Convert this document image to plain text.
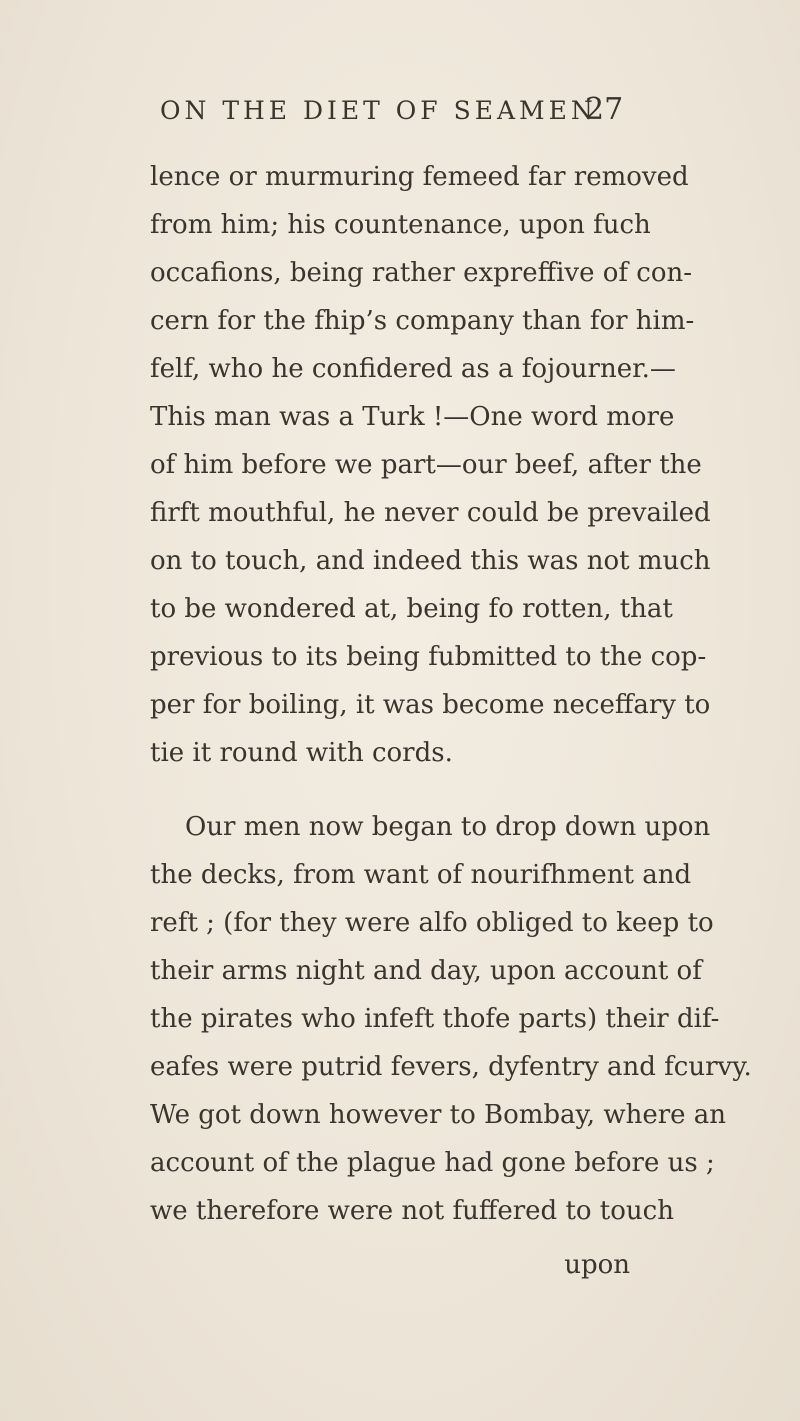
ON THE DIET OF SEAMEN
27
lence or murmuring femeed far removed
from him; his countenance, upon fuch
occafions, being rather expreffive of con-
cern for the fhip’s company than for him-
felf, who he confidered as a fojourner.—
This man was a Turk !—One word more
of him before we part—our beef, after the
firft mouthful, he never could be prevailed
on to touch, and indeed this was not much
to be wondered at, being fo rotten, that
previous to its being fubmitted to the cop-
per for boiling, it was become neceffary to
tie it round with cords.
Our men now began to drop down upon
the decks, from want of nourifhment and
reft ; (for they were alfo obliged to keep to
their arms night and day, upon account of
the pirates who infeft thofe parts) their dif-
eafes were putrid fevers, dyfentry and fcurvy.
We got down however to Bombay, where an
account of the plague had gone before us ;
we therefore were not fuffered to touch
upon
